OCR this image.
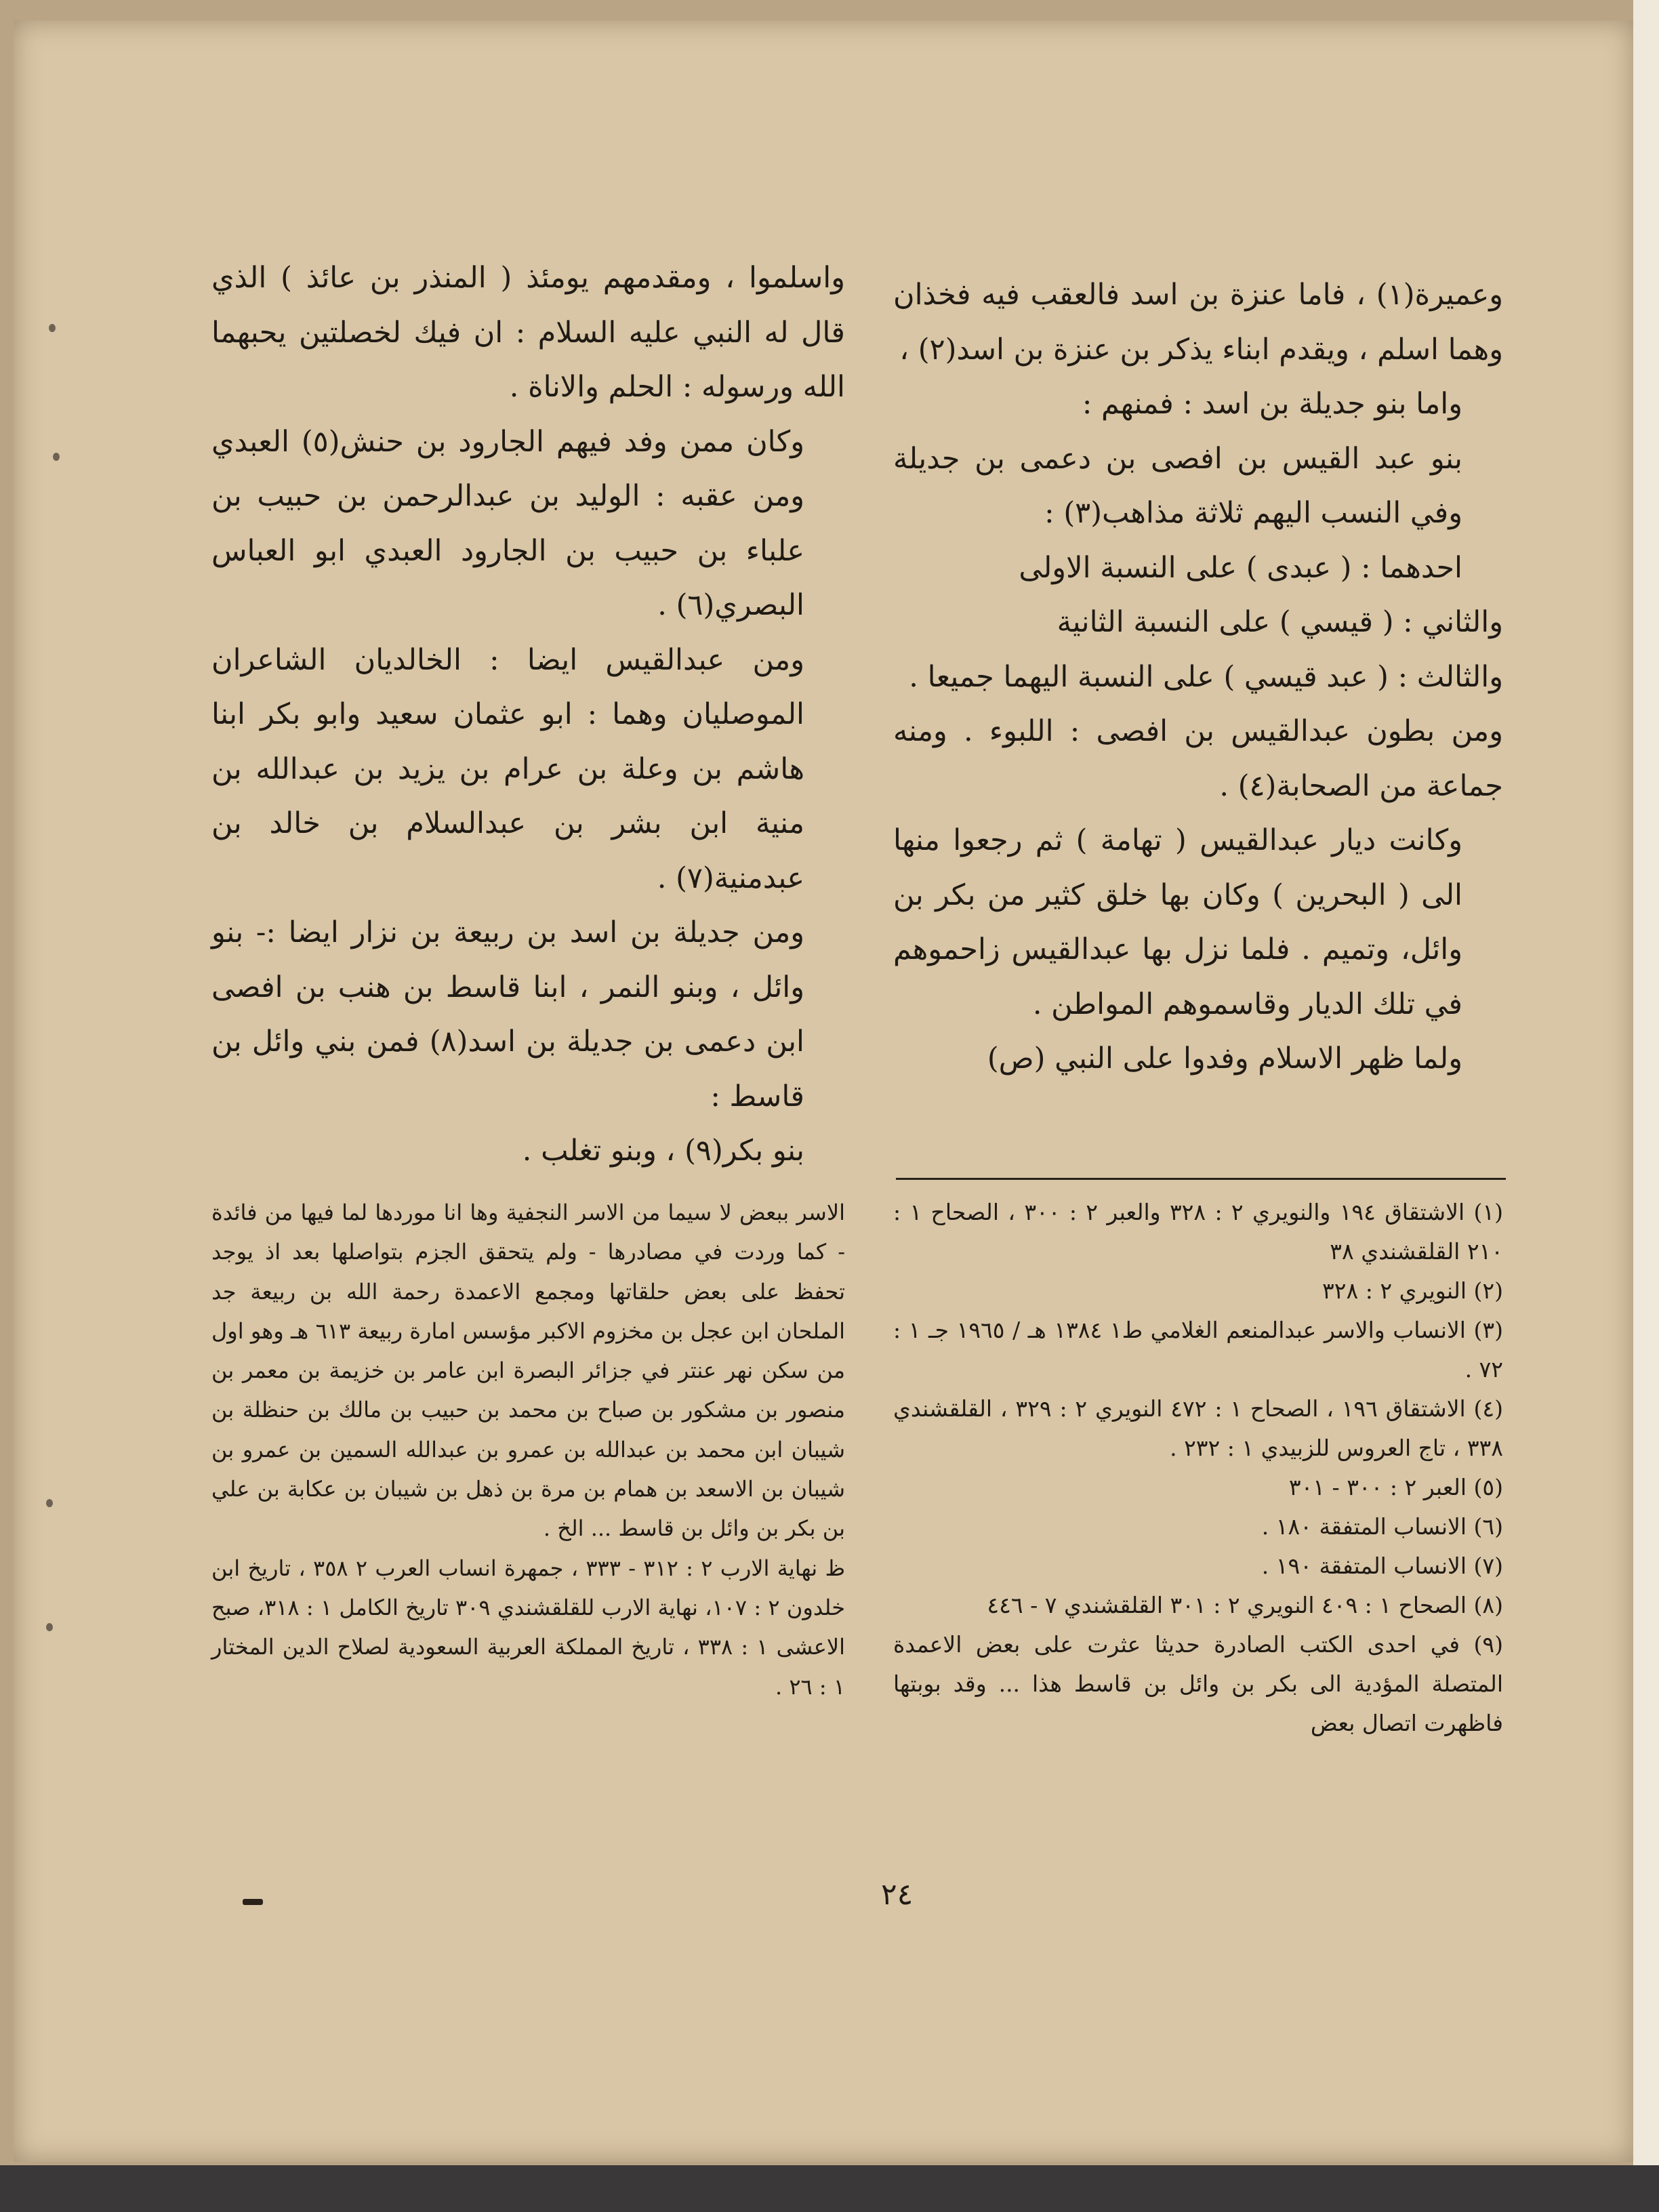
وعميرة(١) ، فاما عنزة بن اسد فالعقب فيه فخذان وهما اسلم ، ويقدم ابناء يذكر بن عنزة بن اسد(٢) ،

واما بنو جديلة بن اسد : فمنهم :

بنو عبد القيس بن افصى بن دعمى بن جديلة وفي النسب اليهم ثلاثة مذاهب(٣) :

احدهما : ( عبدى ) على النسبة الاولى

والثاني : ( قيسي ) على النسبة الثانية

والثالث : ( عبد قيسي ) على النسبة اليهما جميعا .

ومن بطون عبدالقيس بن افصى : اللبوء . ومنه جماعة من الصحابة(٤) .

وكانت ديار عبدالقيس ( تهامة ) ثم رجعوا منها الى ( البحرين ) وكان بها خلق كثير من بكر بن وائل، وتميم . فلما نزل بها عبدالقيس زاحموهم في تلك الديار وقاسموهم المواطن .

ولما ظهر الاسلام وفدوا على النبي (ص)

واسلموا ، ومقدمهم يومئذ ( المنذر بن عائذ ) الذي قال له النبي عليه السلام : ان فيك لخصلتين يحبهما الله ورسوله : الحلم والاناة .

وكان ممن وفد فيهم الجارود بن حنش(٥) العبدي ومن عقبه : الوليد بن عبدالرحمن بن حبيب بن علباء بن حبيب بن الجارود العبدي ابو العباس البصري(٦) .

ومن عبدالقيس ايضا : الخالديان الشاعران الموصليان وهما : ابو عثمان سعيد وابو بكر ابنا هاشم بن وعلة بن عرام بن يزيد بن عبدالله بن منية ابن بشر بن عبدالسلام بن خالد بن عبدمنية(٧) .

ومن جديلة بن اسد بن ربيعة بن نزار ايضا :- بنو وائل ، وبنو النمر ، ابنا قاسط بن هنب بن افصى ابن دعمى بن جديلة بن اسد(٨) فمن بني وائل بن قاسط :

بنو بكر(٩) ، وبنو تغلب .

(١) الاشتقاق ١٩٤ والنويري ٢ : ٣٢٨ والعبر ٢ : ٣٠٠ ، الصحاح ١ : ٢١٠ القلقشندي ٣٨

(٢) النويري ٢ : ٣٢٨

(٣) الانساب والاسر عبدالمنعم الغلامي ط١ ١٣٨٤ هـ / ١٩٦٥ جـ ١ : ٧٢ .

(٤) الاشتقاق ١٩٦ ، الصحاح ١ : ٤٧٢ النويري ٢ : ٣٢٩ ، القلقشندي ٣٣٨ ، تاج العروس للزبيدي ١ : ٢٣٢ .

(٥) العبر ٢ : ٣٠٠ - ٣٠١

(٦) الانساب المتفقة ١٨٠ .

(٧) الانساب المتفقة ١٩٠ .

(٨) الصحاح ١ : ٤٠٩ النويري ٢ : ٣٠١ القلقشندي ٧ - ٤٤٦

(٩) في احدى الكتب الصادرة حديثا عثرت على بعض الاعمدة المتصلة المؤدية الى بكر بن وائل بن قاسط هذا ... وقد بوبتها فاظهرت اتصال بعض

الاسر ببعض لا سيما من الاسر النجفية وها انا موردها لما فيها من فائدة - كما وردت في مصادرها - ولم يتحقق الجزم بتواصلها بعد اذ يوجد تحفظ على بعض حلقاتها ومجمع الاعمدة رحمة الله بن ربيعة جد الملحان ابن عجل بن مخزوم الاكبر مؤسس امارة ربيعة ٦١٣ هـ وهو اول من سكن نهر عنتر في جزائر البصرة ابن عامر بن خزيمة بن معمر بن منصور بن مشكور بن صباح بن محمد بن حبيب بن مالك بن حنظلة بن شيبان ابن محمد بن عبدالله بن عمرو بن عبدالله السمين بن عمرو بن شيبان بن الاسعد بن همام بن مرة بن ذهل بن شيبان بن عكابة بن علي بن بكر بن وائل بن قاسط ... الخ .

ظ نهاية الارب ٢ : ٣١٢ - ٣٣٣ ، جمهرة انساب العرب ٢ ٣٥٨ ، تاريخ ابن خلدون ٢ : ١٠٧، نهاية الارب للقلقشندي ٣٠٩ تاريخ الكامل ١ : ٣١٨، صبح الاعشى ١ : ٣٣٨ ، تاريخ المملكة العربية السعودية لصلاح الدين المختار ١ : ٢٦ .

٢٤
